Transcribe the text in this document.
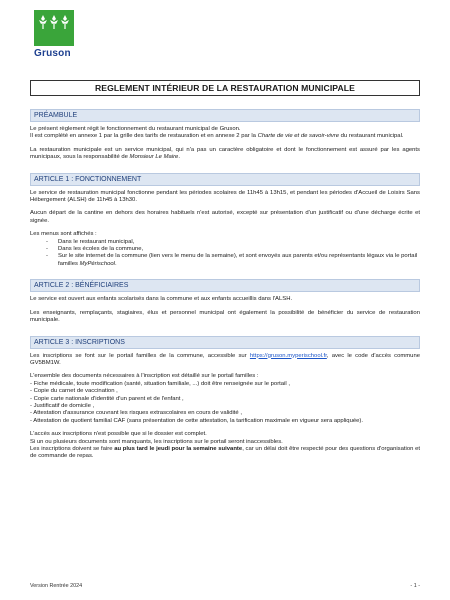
Gruson
REGLEMENT INTÉRIEUR DE LA RESTAURATION MUNICIPALE
PRÉAMBULE

Le présent règlement régit le fonctionnement du restaurant municipal de Gruson.

Il est complété en annexe 1 par la grille des tarifs de restauration et en annexe 2 par la Charte de vie et de savoir-vivre du restaurant municipal.

La restauration municipale est un service municipal, qui n'a pas un caractère obligatoire et dont le fonctionnement est assuré par les agents municipaux, sous la responsabilité de Monsieur Le Maire.

ARTICLE 1 : FONCTIONNEMENT

Le service de restauration municipal fonctionne pendant les périodes scolaires de 11h45 à 13h15, et pendant les périodes d'Accueil de Loisirs Sans Hébergement (ALSH) de 11h45 à 13h30.

Aucun départ de la cantine en dehors des horaires habituels n'est autorisé, excepté sur présentation d'un justificatif ou d'une décharge écrite et signée.

Les menus sont affichés :

- Dans le restaurant municipal,
- Dans les écoles de la commune,
- Sur le site internet de la commune (lien vers le menu de la semaine), et sont envoyés aux parents et/ou représentants légaux via le portail familles MyPérischool.
ARTICLE 2 : BÉNÉFICIAIRES

Le service est ouvert aux enfants scolarisés dans la commune et aux enfants accueillis dans l'ALSH.

Les enseignants, remplaçants, stagiaires, élus et personnel municipal ont également la possibilité de bénéficier du service de restauration municipale.

ARTICLE 3 : INSCRIPTIONS

Les inscriptions se font sur le portail familles de la commune, accessible sur https://gruson.myperischool.fr, avec le code d'accès commune GV5BM1W.

L'ensemble des documents nécessaires à l'inscription est détaillé sur le portail familles :

- Fiche médicale, toute modification (santé, situation familiale, ...) doit être renseignée sur le portail ,
- Copie du carnet de vaccination ,
- Copie carte nationale d'identité d'un parent et de l'enfant ,
- Justificatif de domicile ,
- Attestation d'assurance couvrant les risques extrascolaires en cours de validité ,
- Attestation de quotient familial CAF (sans présentation de cette attestation, la tarification maximale en vigueur sera appliquée).

L'accès aux inscriptions n'est possible que si le dossier est complet.

Si un ou plusieurs documents sont manquants, les inscriptions sur le portail seront inaccessibles.

Les inscriptions doivent se faire au plus tard le jeudi pour la semaine suivante, car un délai doit être respecté pour des questions d'organisation et de commande de repas.

Version Rentrée 2024	- 1 -
